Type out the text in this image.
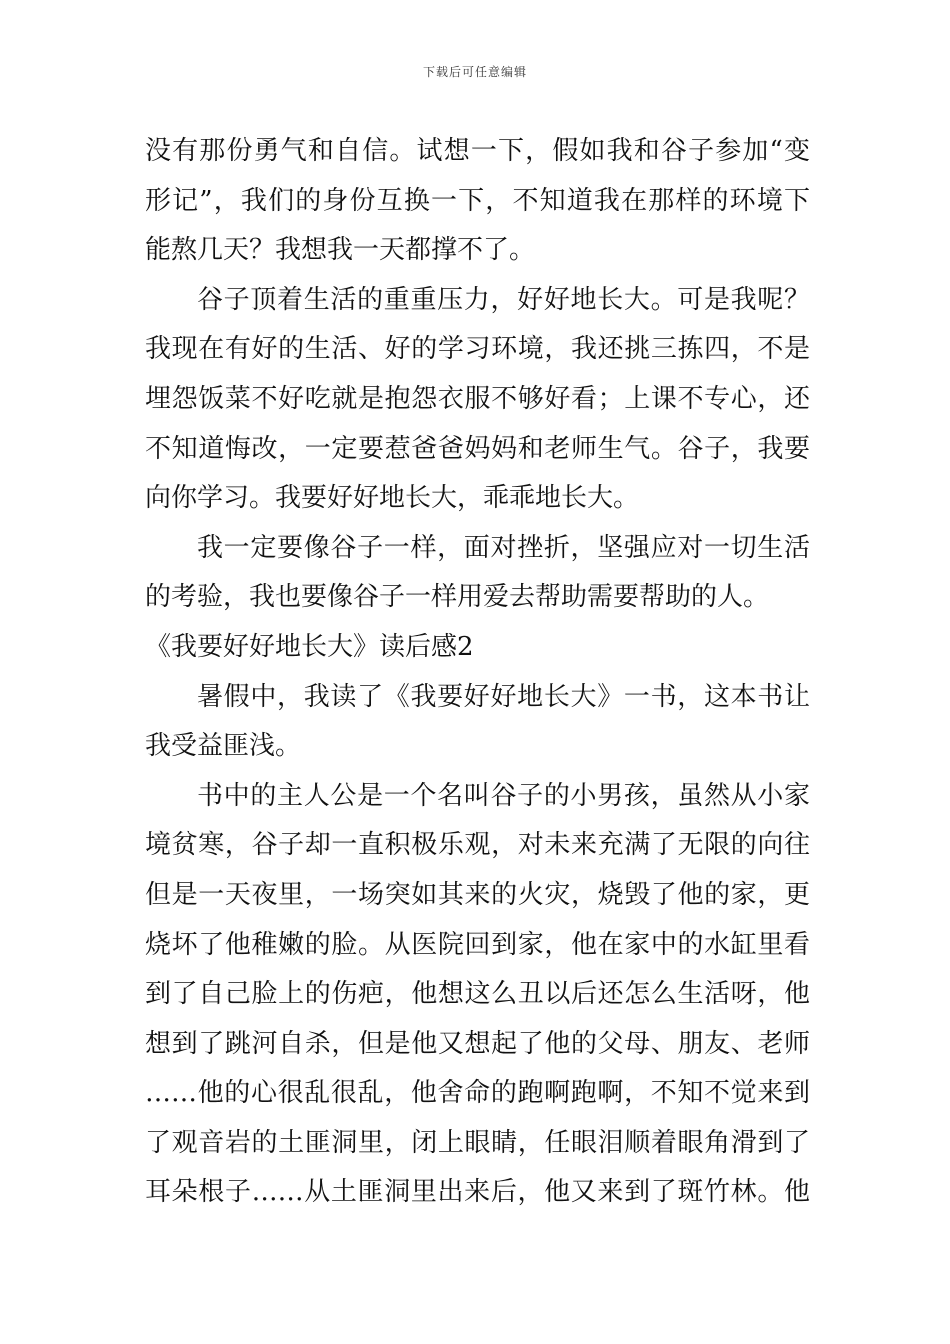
下载后可任意编辑
没有那份勇气和自信。试想一下，假如我和谷子参加“变
形记”，我们的身份互换一下，不知道我在那样的环境下
能熬几天？我想我一天都撑不了。
谷子顶着生活的重重压力，好好地长大。可是我呢？
我现在有好的生活、好的学习环境，我还挑三拣四，不是
埋怨饭菜不好吃就是抱怨衣服不够好看；上课不专心，还
不知道悔改，一定要惹爸爸妈妈和老师生气。谷子，我要
向你学习。我要好好地长大，乖乖地长大。
我一定要像谷子一样，面对挫折，坚强应对一切生活
的考验，我也要像谷子一样用爱去帮助需要帮助的人。
《我要好好地长大》读后感2
暑假中，我读了《我要好好地长大》一书，这本书让
我受益匪浅。
书中的主人公是一个名叫谷子的小男孩，虽然从小家
境贫寒，谷子却一直积极乐观，对未来充满了无限的向往
但是一天夜里，一场突如其来的火灾，烧毁了他的家，更
烧坏了他稚嫩的脸。从医院回到家，他在家中的水缸里看
到了自己脸上的伤疤，他想这么丑以后还怎么生活呀，他
想到了跳河自杀，但是他又想起了他的父母、朋友、老师
……他的心很乱很乱，他舍命的跑啊跑啊，不知不觉来到
了观音岩的土匪洞里，闭上眼睛，任眼泪顺着眼角滑到了
耳朵根子……从土匪洞里出来后，他又来到了斑竹林。他
